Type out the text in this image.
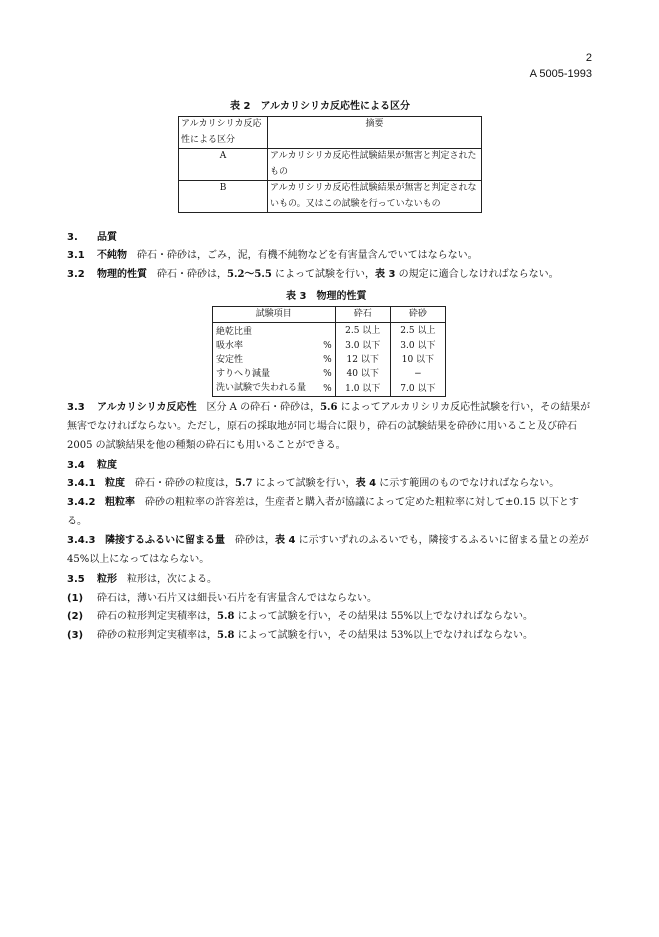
2
A 5005-1993
表 2　アルカリシリカ反応性による区分
アルカリシリカ反応性による区分	摘要
A	アルカリシリカ反応性試験結果が無害と判定されたもの
B	アルカリシリカ反応性試験結果が無害と判定されないもの。又はこの試験を行っていないもの
3. 品質
3.1 不純物　 砕石・砕砂は，ごみ，泥，有機不純物などを有害量含んでいてはならない。
3.2 物理的性質　 砕石・砕砂は，5.2〜5.5 によって試験を行い，表 3 の規定に適合しなければならない。
表 3　物理的性質
試験項目		砕石	砕砂
絶乾比重		2.5 以上	2.5 以上
吸水率	%	3.0 以下	3.0 以下
安定性	%	12 以下	10 以下
すりへり減量	%	40 以下	−
洗い試験で失われる量	%	1.0 以下	7.0 以下
3.3 アルカリシリカ反応性　 区分 A の砕石・砕砂は，5.6 によってアルカリシリカ反応性試験を行い，その結果が無害でなければならない。ただし，原石の採取地が同じ場合に限り，砕石の試験結果を砕砂に用いること及び砕石 2005 の試験結果を他の種類の砕石にも用いることができる。
3.4 粒度
3.4.1 粒度　 砕石・砕砂の粒度は，5.7 によって試験を行い，表 4 に示す範囲のものでなければならない。
3.4.2 粗粒率　 砕砂の粗粒率の許容差は，生産者と購入者が協議によって定めた粗粒率に対して±0.15 以下とする。
3.4.3 隣接するふるいに留まる量　 砕砂は，表 4 に示すいずれのふるいでも，隣接するふるいに留まる量との差が 45%以上になってはならない。
3.5 粒形　 粒形は，次による。
(1) 砕石は，薄い石片又は細長い石片を有害量含んではならない。
(2) 砕石の粒形判定実積率は，5.8 によって試験を行い，その結果は 55%以上でなければならない。
(3) 砕砂の粒形判定実積率は，5.8 によって試験を行い，その結果は 53%以上でなければならない。
